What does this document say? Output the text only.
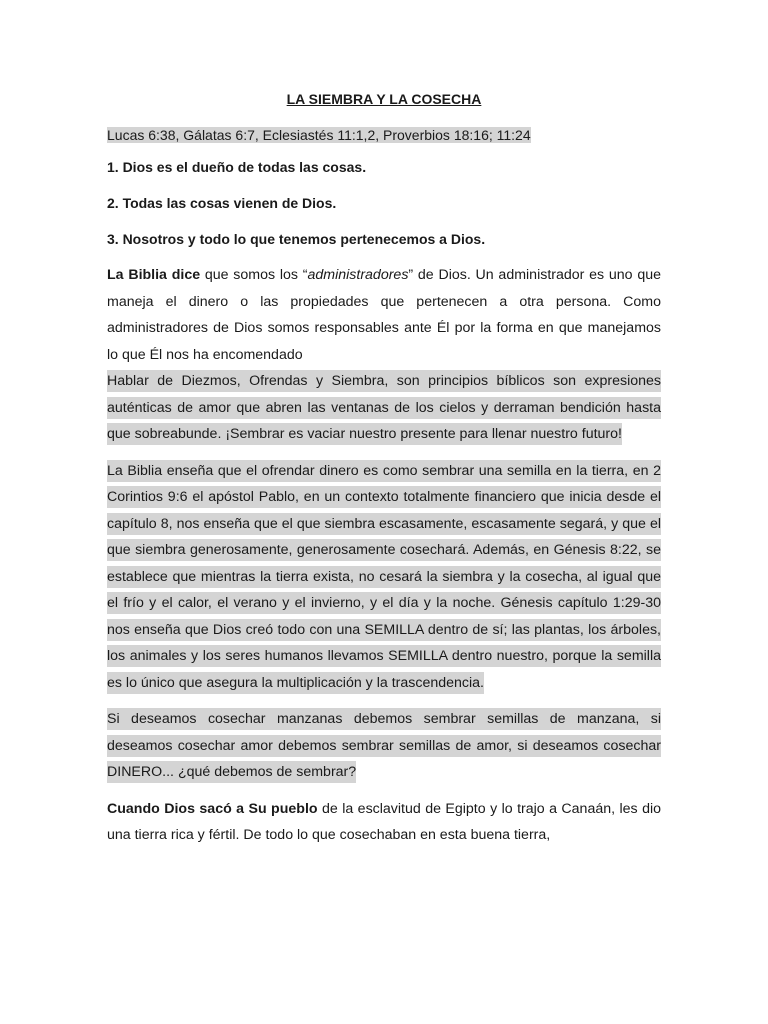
LA SIEMBRA Y LA COSECHA

Lucas 6:38, Gálatas 6:7, Eclesiastés 11:1,2, Proverbios 18:16; 11:24

1. Dios es el dueño de todas las cosas.

2. Todas las cosas vienen de Dios.

3. Nosotros y todo lo que tenemos pertenecemos a Dios.

La Biblia dice que somos los “administradores” de Dios. Un administrador es uno que maneja el dinero o las propiedades que pertenecen a otra persona. Como administradores de Dios somos responsables ante Él por la forma en que manejamos lo que Él nos ha encomendado

Hablar de Diezmos, Ofrendas y Siembra, son principios bíblicos son expresiones auténticas de amor que abren las ventanas de los cielos y derraman bendición hasta que sobreabunde. ¡Sembrar es vaciar nuestro presente para llenar nuestro futuro!

La Biblia enseña que el ofrendar dinero es como sembrar una semilla en la tierra, en 2 Corintios 9:6 el apóstol Pablo, en un contexto totalmente financiero que inicia desde el capítulo 8, nos enseña que el que siembra escasamente, escasamente segará, y que el que siembra generosamente, generosamente cosechará. Además, en Génesis 8:22, se establece que mientras la tierra exista, no cesará la siembra y la cosecha, al igual que el frío y el calor, el verano y el invierno, y el día y la noche. Génesis capítulo 1:29-30 nos enseña que Dios creó todo con una SEMILLA dentro de sí; las plantas, los árboles, los animales y los seres humanos llevamos SEMILLA dentro nuestro, porque la semilla es lo único que asegura la multiplicación y la trascendencia.

Si deseamos cosechar manzanas debemos sembrar semillas de manzana, si deseamos cosechar amor debemos sembrar semillas de amor, si deseamos cosechar DINERO... ¿qué debemos de sembrar?

Cuando Dios sacó a Su pueblo de la esclavitud de Egipto y lo trajo a Canaán, les dio una tierra rica y fértil. De todo lo que cosechaban en esta buena tierra,
